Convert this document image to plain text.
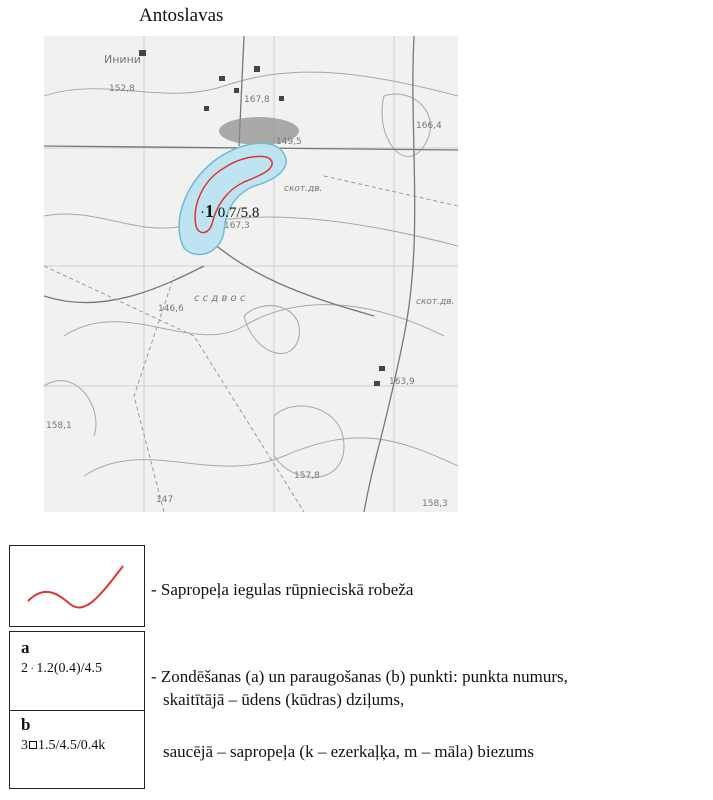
Antoslavas
Инини
152,8
167,8
149,5
166,4
167,3
146,6
163,9
158,1
157,8
147	158,3
скот.дв.
скот.дв.
с с д в о с
·1 0.7/5.8
- Sapropeļa iegulas rūpnieciskā robeža
a
2 · 1.2(0.4)/4.5
b
3 1.5/4.5/0.4k
- Zondēšanas (a) un paraugošanas (b) punkti: punkta numurs,
skaitītājā – ūdens (kūdras) dziļums,
saucējā – sapropeļa (k – ezerkaļķa, m – māla) biezums
